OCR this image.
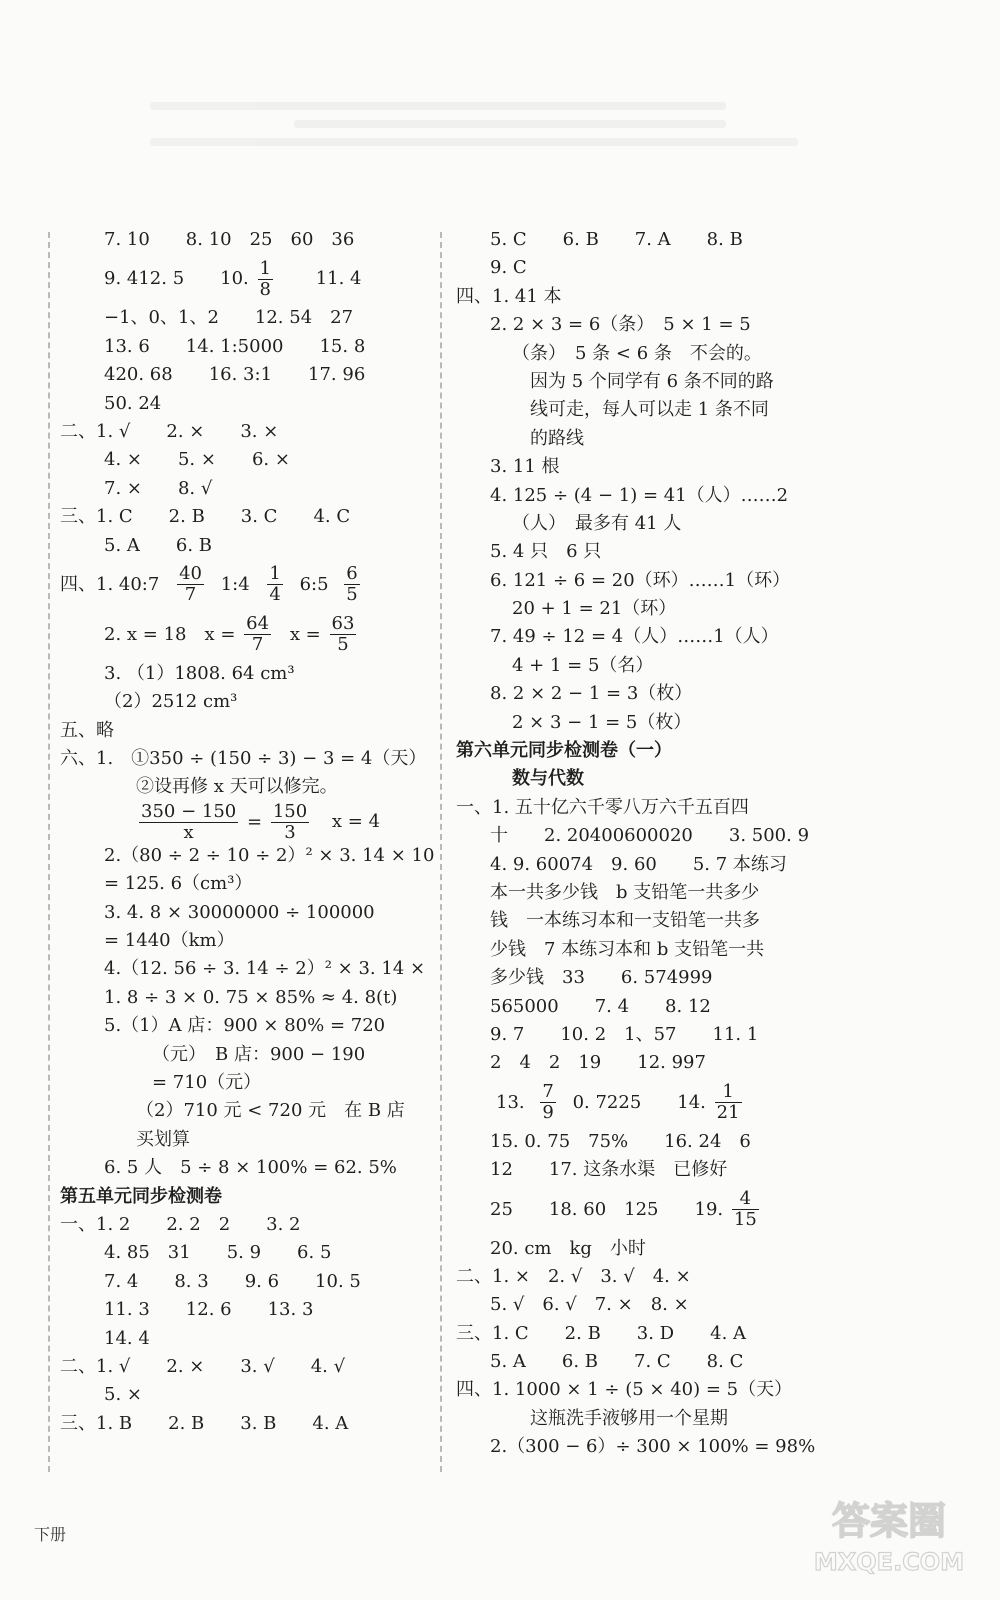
7. 10　　8. 10　25　60　36
9. 412. 5　　10. $\frac{1}{8} 11$. 4
−1、0、1、2　　12. 54　27
13. 6　　14. 1:5000　　15. 8
420. 68　　16. 3:1　　17. 96
50. 24
二、1. √　　2. ×　　3. ×
4. ×　　5. ×　　6. ×
7. ×　　8. √
三、1. C　　2. B　　3. C　　4. C
5. A　　6. B
四、1. 40:7 $\frac{40}{7}$ 1:4 $\frac{1}{4}$ 6:5 $\frac{6}{5}$
2. x = 18　$x = \frac{64}{7}$ $x = \frac{63}{5}$
3. （1）1808. 64 cm³
（2）2512 cm³
五、略
六、1.　①350 ÷ (150 ÷ 3) − 3 = 4（天）
②设再修 x 天可以修完。
$\frac{350 - 150}{x} = \frac{150}{3}$ x = 4
2.（80 ÷ 2 ÷ 10 ÷ 2）² × 3. 14 × 10
= 125. 6（cm³）
3. 4. 8 × 30000000 ÷ 100000
= 1440（km）
4.（12. 56 ÷ 3. 14 ÷ 2）² × 3. 14 ×
1. 8 ÷ 3 × 0. 75 × 85% ≈ 4. 8(t)
5.（1）A 店：900 × 80% = 720
（元）　B 店：900 − 190
= 710（元）
（2）710 元 < 720 元　在 B 店
买划算
6. 5 人　5 ÷ 8 × 100% = 62. 5%
第五单元同步检测卷
一、1. 2　　2. 2　2　　3. 2
4. 85　31　　5. 9　　6. 5
7. 4　　8. 3　　9. 6　　10. 5
11. 3　　12. 6　　13. 3
14. 4
二、1. √　　2. ×　　3. √　　4. √
5. ×
三、1. B　　2. B　　3. B　　4. A
5. C　　6. B　　7. A　　8. B
9. C
四、1. 41 本
2. 2 × 3 = 6（条）　5 × 1 = 5
（条）　5 条 < 6 条　不会的。
因为 5 个同学有 6 条不同的路
线可走，每人可以走 1 条不同
的路线
3. 11 根
4. 125 ÷ (4 − 1) = 41（人）……2
（人）　最多有 41 人
5. 4 只　6 只
6. 121 ÷ 6 = 20（环）……1（环）
20 + 1 = 21（环）
7. 49 ÷ 12 = 4（人）……1（人）
4 + 1 = 5（名）
8. 2 × 2 − 1 = 3（枚）
2 × 3 − 1 = 5（枚）
第六单元同步检测卷（一）
数与代数
一、1. 五十亿六千零八万六千五百四
十　　2. 20400600020　　3. 500. 9
4. 9. 60074　9. 60　　5. 7 本练习
本一共多少钱　b 支铅笔一共多少
钱　一本练习本和一支铅笔一共多
少钱　7 本练习本和 b 支铅笔一共
多少钱　33　　6. 574999
565000　　7. 4　　8. 12
9. 7　　10. 2　1、57　　11. 1
2　4　2　19　　12. 997
13. $\frac{7}{9} 0$. 7225　　14. $\frac{1}{21}$
15. 0. 75　75%　　16. 24　6
12　　17. 这条水渠　已修好
25　　18. 60　125　　19. $\frac{4}{15}$
20. cm　kg　小时
二、1. ×　2. √　3. √　4. ×
5. √　6. √　7. ×　8. ×
三、1. C　　2. B　　3. D　　4. A
5. A　　6. B　　7. C　　8. C
四、1. 1000 × 1 ÷ (5 × 40) = 5（天）
这瓶洗手液够用一个星期
2.（300 − 6）÷ 300 × 100% = 98%
下册	答案圈
MXQE.COM
